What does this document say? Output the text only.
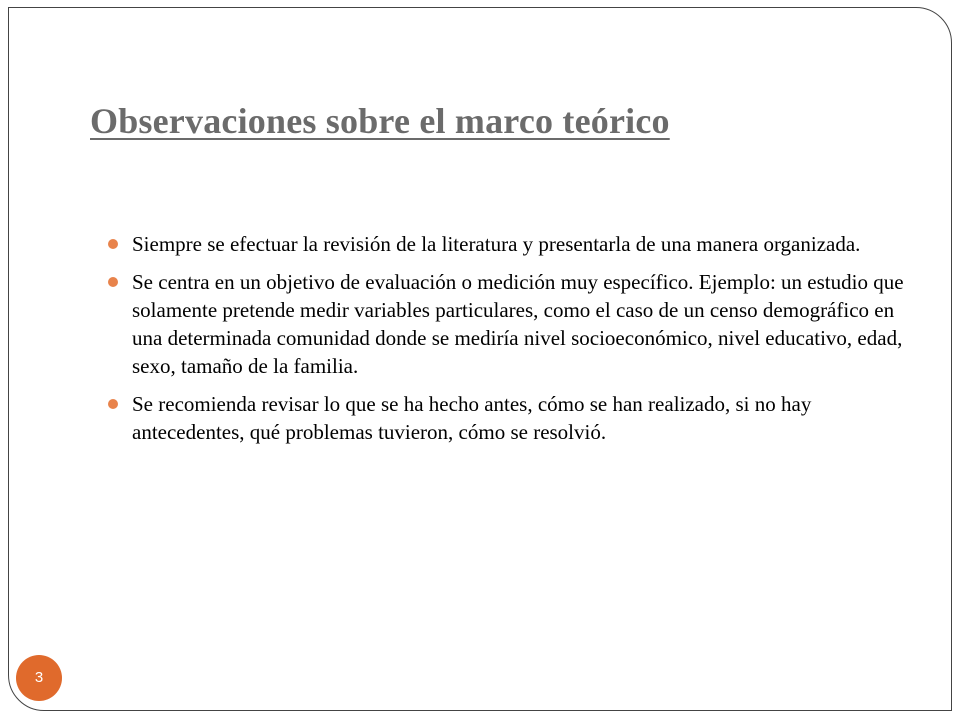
Observaciones sobre el marco teórico
Siempre se efectuar la revisión de la literatura y presentarla de una manera organizada.
Se centra en un objetivo de evaluación o medición muy específico. Ejemplo: un estudio que solamente pretende medir variables particulares, como el caso de un censo demográfico en una determinada comunidad donde se mediría nivel socioeconómico, nivel educativo, edad, sexo, tamaño de la familia.
Se recomienda revisar lo que se ha hecho antes, cómo se han realizado, si no hay antecedentes, qué problemas tuvieron, cómo se resolvió.
3
